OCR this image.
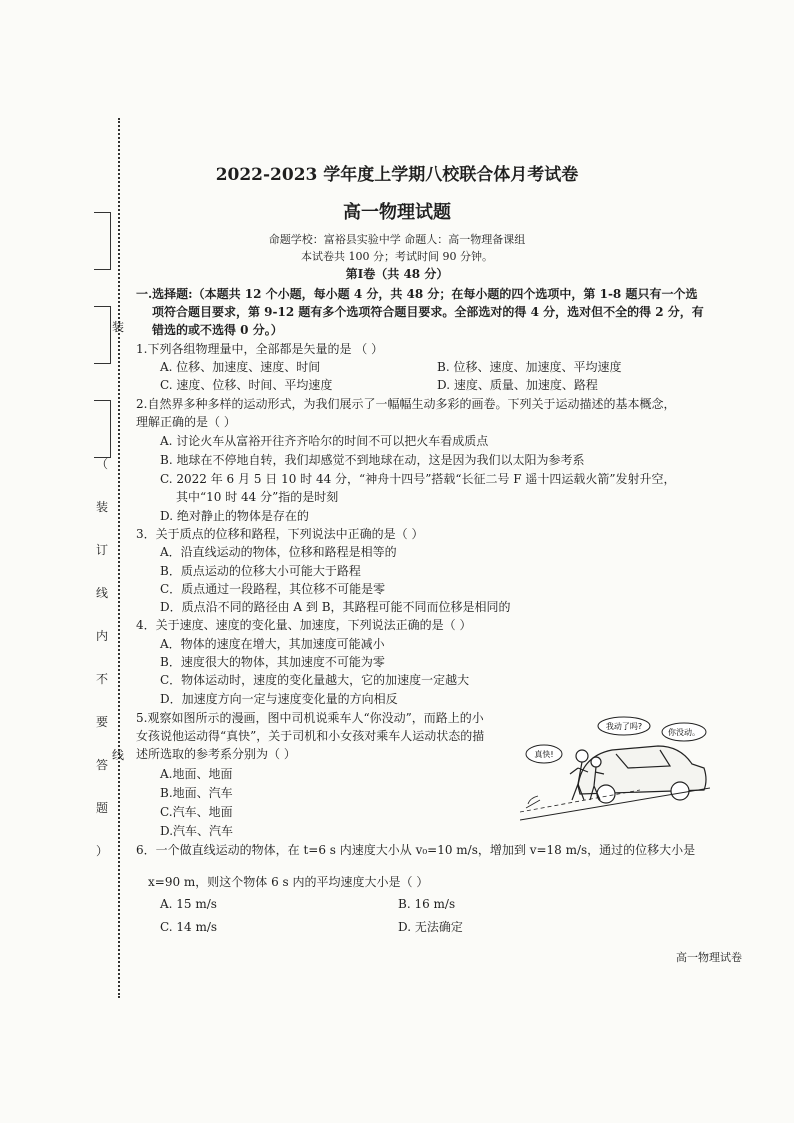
装
线
（
装
订
线
内
不
要
答
题
）
2022-2023 学年度上学期八校联合体月考试卷
高一物理试题
命题学校：富裕县实验中学 命题人：高一物理备课组
本试卷共 100 分；考试时间 90 分钟。
第Ⅰ卷（共 48 分）
一.选择题:（本题共 12 个小题，每小题 4 分，共 48 分；在每小题的四个选项中，第 1-8 题只有一个选
项符合题目要求，第 9-12 题有多个选项符合题目要求。全部选对的得 4 分，选对但不全的得 2 分，有
错选的或不选得 0 分。）
1.下列各组物理量中，全部都是矢量的是 （ ）
A. 位移、加速度、速度、时间	B. 位移、速度、加速度、平均速度
C. 速度、位移、时间、平均速度	D. 速度、质量、加速度、路程
2.自然界多种多样的运动形式，为我们展示了一幅幅生动多彩的画卷。下列关于运动描述的基本概念，
理解正确的是（ ）
A. 讨论火车从富裕开往齐齐哈尔的时间不可以把火车看成质点
B. 地球在不停地自转，我们却感觉不到地球在动，这是因为我们以太阳为参考系
C. 2022 年 6 月 5 日 10 时 44 分，“神舟十四号”搭载“长征二号 F 遥十四运载火箭”发射升空，
其中“10 时 44 分”指的是时刻
D. 绝对静止的物体是存在的
3．关于质点的位移和路程，下列说法中正确的是（ ）
A．沿直线运动的物体，位移和路程是相等的
B．质点运动的位移大小可能大于路程
C．质点通过一段路程，其位移不可能是零
D．质点沿不同的路径由 A 到 B，其路程可能不同而位移是相同的
4．关于速度、速度的变化量、加速度，下列说法正确的是（ ）
A．物体的速度在增大，其加速度可能减小
B．速度很大的物体，其加速度不可能为零
C．物体运动时，速度的变化量越大，它的加速度一定越大
D．加速度方向一定与速度变化量的方向相反
5.观察如图所示的漫画，图中司机说乘车人“你没动”，而路上的小
女孩说他运动得“真快”，关于司机和小女孩对乘车人运动状态的描
述所选取的参考系分别为（ ）
A.地面、地面
B.地面、汽车
C.汽车、地面
D.汽车、汽车
我动了吗?
你没动。
真快!
6．一个做直线运动的物体，在 t=6 s 内速度大小从 v₀=10 m/s，增加到 v=18 m/s，通过的位移大小是
x=90 m，则这个物体 6 s 内的平均速度大小是（ ）
A. 15 m/s	B. 16 m/s
C. 14 m/s	D. 无法确定
高一物理试卷
